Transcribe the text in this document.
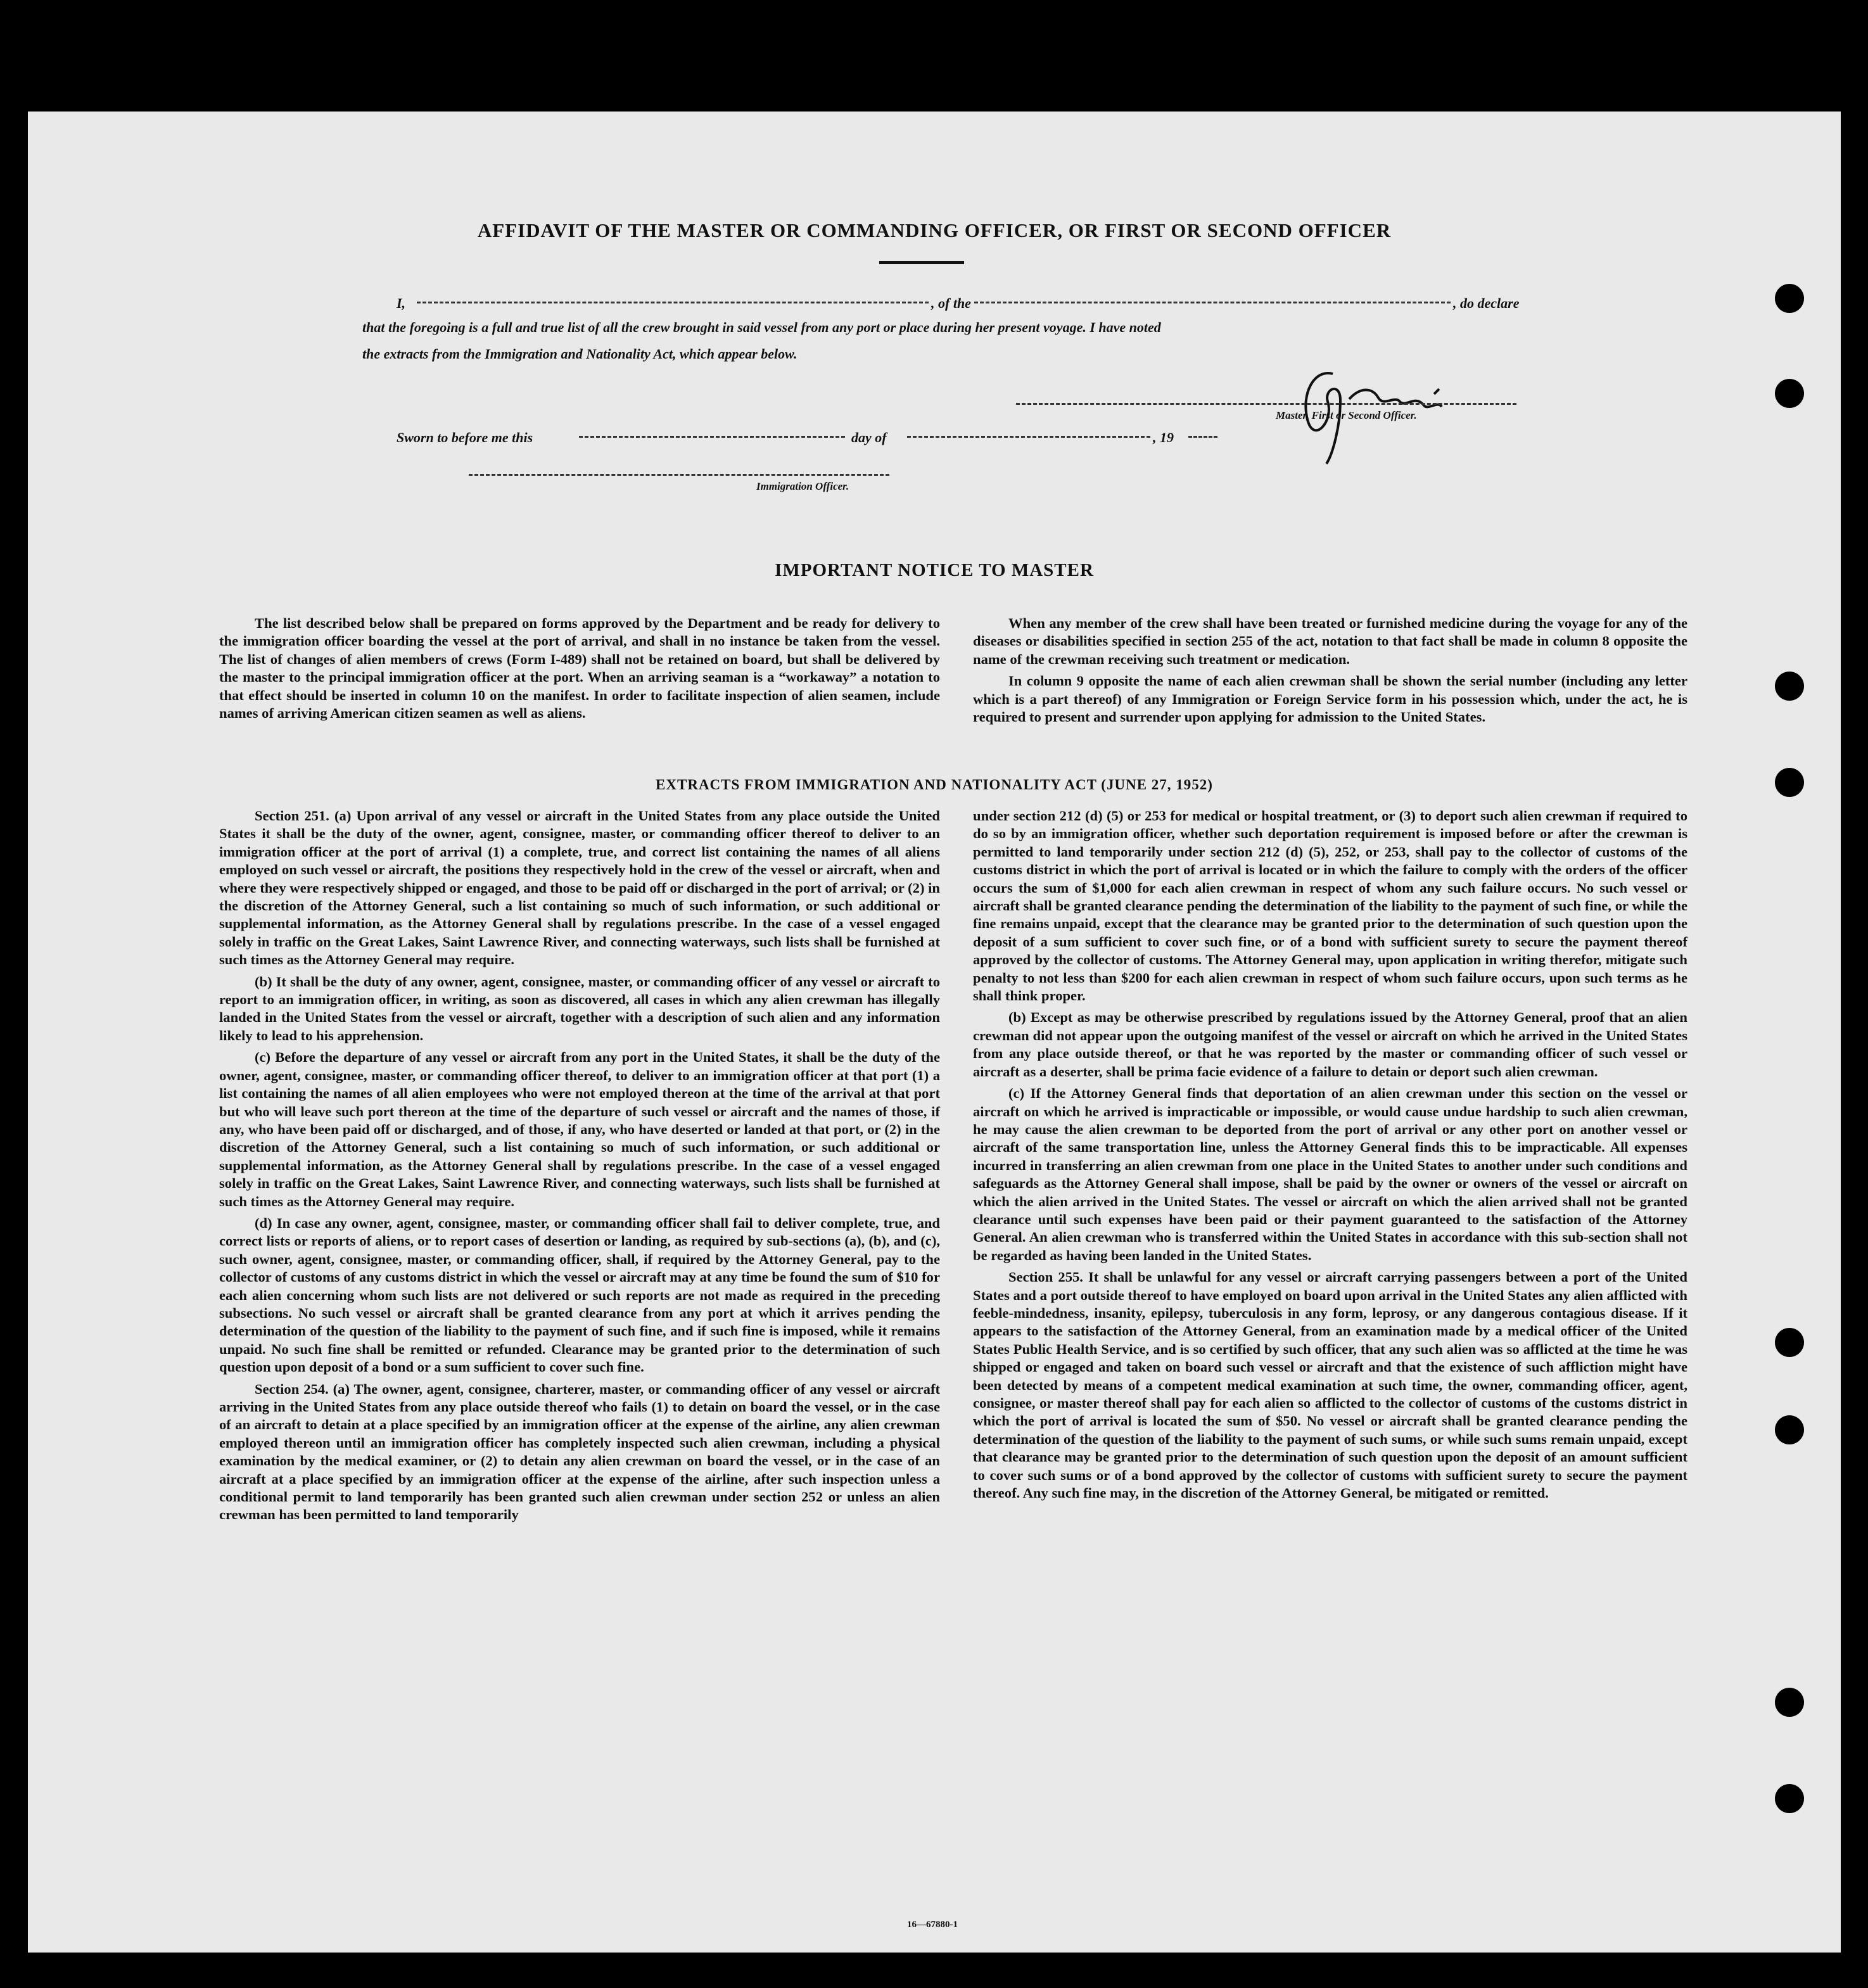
AFFIDAVIT OF THE MASTER OR COMMANDING OFFICER, OR FIRST OR SECOND OFFICER
I,	, of the	, do declare
that the foregoing is a full and true list of all the crew brought in said vessel from any port or place during her present voyage. I have noted
the extracts from the Immigration and Nationality Act, which appear below.
Master, First or Second Officer.
Sworn to before me this	day of	, 19
Immigration Officer.
IMPORTANT NOTICE TO MASTER

The list described below shall be prepared on forms approved by the Department and be ready for delivery to the immigration officer boarding the vessel at the port of arrival, and shall in no instance be taken from the vessel. The list of changes of alien members of crews (Form I-489) shall not be retained on board, but shall be delivered by the master to the principal immigration officer at the port. When an arriving seaman is a “workaway” a notation to that effect should be inserted in column 10 on the manifest. In order to facilitate inspection of alien seamen, include names of arriving American citizen seamen as well as aliens.

When any member of the crew shall have been treated or furnished medicine during the voyage for any of the diseases or disabilities specified in section 255 of the act, notation to that fact shall be made in column 8 opposite the name of the crewman receiving such treatment or medication.

In column 9 opposite the name of each alien crewman shall be shown the serial number (including any letter which is a part thereof) of any Immigration or Foreign Service form in his possession which, under the act, he is required to present and surrender upon applying for admission to the United States.

EXTRACTS FROM IMMIGRATION AND NATIONALITY ACT (JUNE 27, 1952)

Section 251. (a) Upon arrival of any vessel or aircraft in the United States from any place outside the United States it shall be the duty of the owner, agent, consignee, master, or commanding officer thereof to deliver to an immigration officer at the port of arrival (1) a complete, true, and correct list containing the names of all aliens employed on such vessel or aircraft, the positions they respectively hold in the crew of the vessel or aircraft, when and where they were respectively shipped or engaged, and those to be paid off or discharged in the port of arrival; or (2) in the discretion of the Attorney General, such a list containing so much of such information, or such additional or supplemental information, as the Attorney General shall by regulations prescribe. In the case of a vessel engaged solely in traffic on the Great Lakes, Saint Lawrence River, and connecting waterways, such lists shall be furnished at such times as the Attorney General may require.

(b) It shall be the duty of any owner, agent, consignee, master, or commanding officer of any vessel or aircraft to report to an immigration officer, in writing, as soon as discovered, all cases in which any alien crewman has illegally landed in the United States from the vessel or aircraft, together with a description of such alien and any information likely to lead to his apprehension.

(c) Before the departure of any vessel or aircraft from any port in the United States, it shall be the duty of the owner, agent, consignee, master, or commanding officer thereof, to deliver to an immigration officer at that port (1) a list containing the names of all alien employees who were not employed thereon at the time of the arrival at that port but who will leave such port thereon at the time of the departure of such vessel or aircraft and the names of those, if any, who have been paid off or discharged, and of those, if any, who have deserted or landed at that port, or (2) in the discretion of the Attorney General, such a list containing so much of such information, or such additional or supplemental information, as the Attorney General shall by regulations prescribe. In the case of a vessel engaged solely in traffic on the Great Lakes, Saint Lawrence River, and connecting waterways, such lists shall be furnished at such times as the Attorney General may require.

(d) In case any owner, agent, consignee, master, or commanding officer shall fail to deliver complete, true, and correct lists or reports of aliens, or to report cases of desertion or landing, as required by sub-sections (a), (b), and (c), such owner, agent, consignee, master, or commanding officer, shall, if required by the Attorney General, pay to the collector of customs of any customs district in which the vessel or aircraft may at any time be found the sum of $10 for each alien concerning whom such lists are not delivered or such reports are not made as required in the preceding subsections. No such vessel or aircraft shall be granted clearance from any port at which it arrives pending the determination of the question of the liability to the payment of such fine, and if such fine is imposed, while it remains unpaid. No such fine shall be remitted or refunded. Clearance may be granted prior to the determination of such question upon deposit of a bond or a sum sufficient to cover such fine.

Section 254. (a) The owner, agent, consignee, charterer, master, or commanding officer of any vessel or aircraft arriving in the United States from any place outside thereof who fails (1) to detain on board the vessel, or in the case of an aircraft to detain at a place specified by an immigration officer at the expense of the airline, any alien crewman employed thereon until an immigration officer has completely inspected such alien crewman, including a physical examination by the medical examiner, or (2) to detain any alien crewman on board the vessel, or in the case of an aircraft at a place specified by an immigration officer at the expense of the airline, after such inspection unless a conditional permit to land temporarily has been granted such alien crewman under section 252 or unless an alien crewman has been permitted to land temporarily

under section 212 (d) (5) or 253 for medical or hospital treatment, or (3) to deport such alien crewman if required to do so by an immigration officer, whether such deportation requirement is imposed before or after the crewman is permitted to land temporarily under section 212 (d) (5), 252, or 253, shall pay to the collector of customs of the customs district in which the port of arrival is located or in which the failure to comply with the orders of the officer occurs the sum of $1,000 for each alien crewman in respect of whom any such failure occurs. No such vessel or aircraft shall be granted clearance pending the determination of the liability to the payment of such fine, or while the fine remains unpaid, except that the clearance may be granted prior to the determination of such question upon the deposit of a sum sufficient to cover such fine, or of a bond with sufficient surety to secure the payment thereof approved by the collector of customs. The Attorney General may, upon application in writing therefor, mitigate such penalty to not less than $200 for each alien crewman in respect of whom such failure occurs, upon such terms as he shall think proper.

(b) Except as may be otherwise prescribed by regulations issued by the Attorney General, proof that an alien crewman did not appear upon the outgoing manifest of the vessel or aircraft on which he arrived in the United States from any place outside thereof, or that he was reported by the master or commanding officer of such vessel or aircraft as a deserter, shall be prima facie evidence of a failure to detain or deport such alien crewman.

(c) If the Attorney General finds that deportation of an alien crewman under this section on the vessel or aircraft on which he arrived is impracticable or impossible, or would cause undue hardship to such alien crewman, he may cause the alien crewman to be deported from the port of arrival or any other port on another vessel or aircraft of the same transportation line, unless the Attorney General finds this to be impracticable. All expenses incurred in transferring an alien crewman from one place in the United States to another under such conditions and safeguards as the Attorney General shall impose, shall be paid by the owner or owners of the vessel or aircraft on which the alien arrived in the United States. The vessel or aircraft on which the alien arrived shall not be granted clearance until such expenses have been paid or their payment guaranteed to the satisfaction of the Attorney General. An alien crewman who is transferred within the United States in accordance with this sub-section shall not be regarded as having been landed in the United States.

Section 255. It shall be unlawful for any vessel or aircraft carrying passengers between a port of the United States and a port outside thereof to have employed on board upon arrival in the United States any alien afflicted with feeble-mindedness, insanity, epilepsy, tuberculosis in any form, leprosy, or any dangerous contagious disease. If it appears to the satisfaction of the Attorney General, from an examination made by a medical officer of the United States Public Health Service, and is so certified by such officer, that any such alien was so afflicted at the time he was shipped or engaged and taken on board such vessel or aircraft and that the existence of such affliction might have been detected by means of a competent medical examination at such time, the owner, commanding officer, agent, consignee, or master thereof shall pay for each alien so afflicted to the collector of customs of the customs district in which the port of arrival is located the sum of $50. No vessel or aircraft shall be granted clearance pending the determination of the question of the liability to the payment of such sums, or while such sums remain unpaid, except that clearance may be granted prior to the determination of such question upon the deposit of an amount sufficient to cover such sums or of a bond approved by the collector of customs with sufficient surety to secure the payment thereof. Any such fine may, in the discretion of the Attorney General, be mitigated or remitted.

16—67880-1
